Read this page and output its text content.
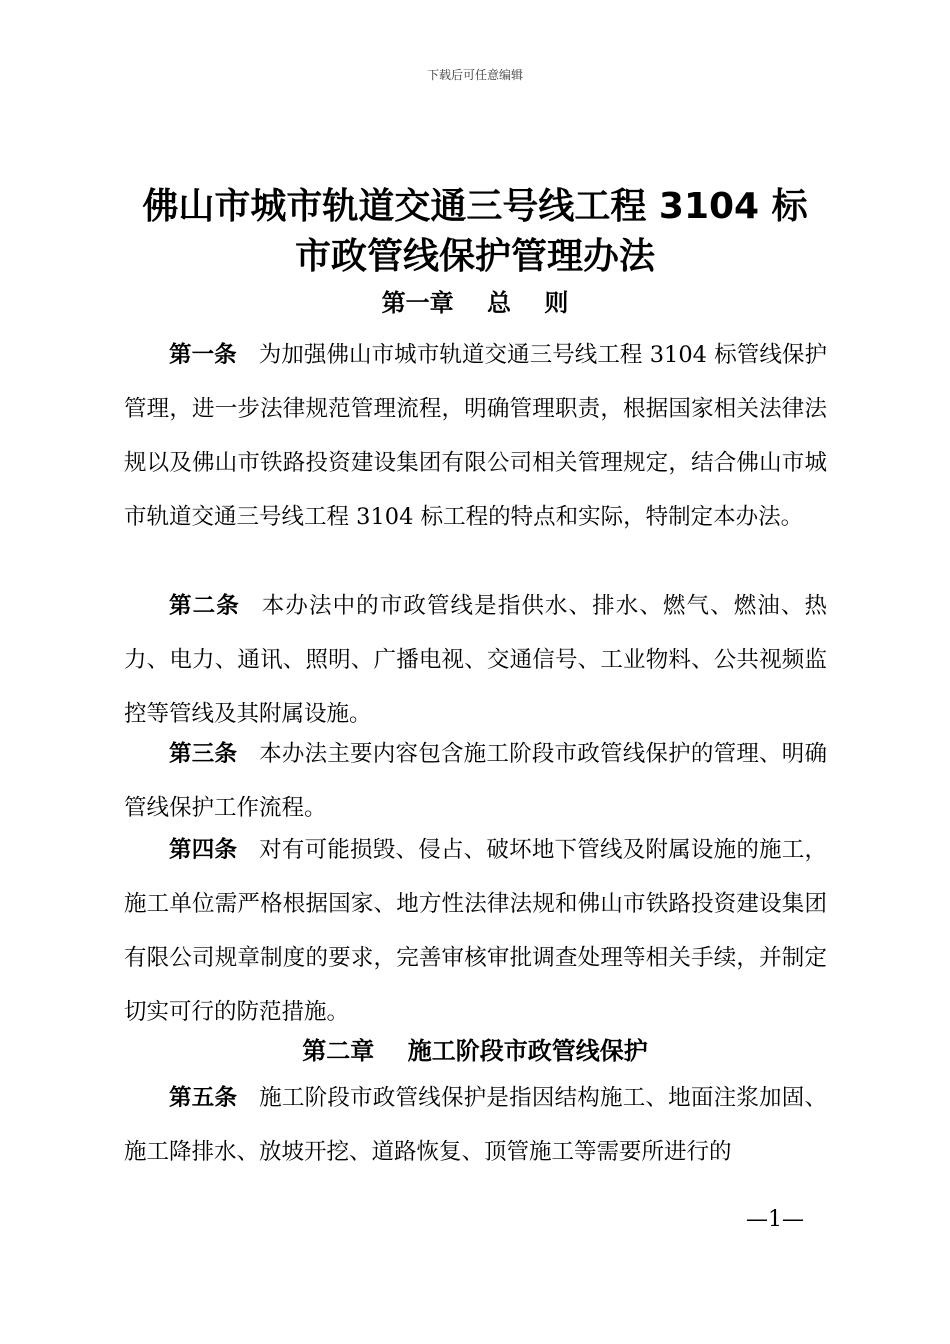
下载后可任意编辑
佛山市城市轨道交通三号线工程 3104 标
市政管线保护管理办法
第一章    总    则
第一条 为加强佛山市城市轨道交通三号线工程 3104 标管线保护管理，进一步法律规范管理流程，明确管理职责，根据国家相关法律法规以及佛山市铁路投资建设集团有限公司相关管理规定，结合佛山市城市轨道交通三号线工程 3104 标工程的特点和实际，特制定本办法。
第二条 本办法中的市政管线是指供水、排水、燃气、燃油、热力、电力、通讯、照明、广播电视、交通信号、工业物料、公共视频监控等管线及其附属设施。
第三条 本办法主要内容包含施工阶段市政管线保护的管理、明确管线保护工作流程。
第四条 对有可能损毁、侵占、破坏地下管线及附属设施的施工，施工单位需严格根据国家、地方性法律法规和佛山市铁路投资建设集团有限公司规章制度的要求，完善审核审批调查处理等相关手续，并制定切实可行的防范措施。
第二章    施工阶段市政管线保护
第五条 施工阶段市政管线保护是指因结构施工、地面注浆加固、施工降排水、放坡开挖、道路恢复、顶管施工等需要所进行的
—1—
